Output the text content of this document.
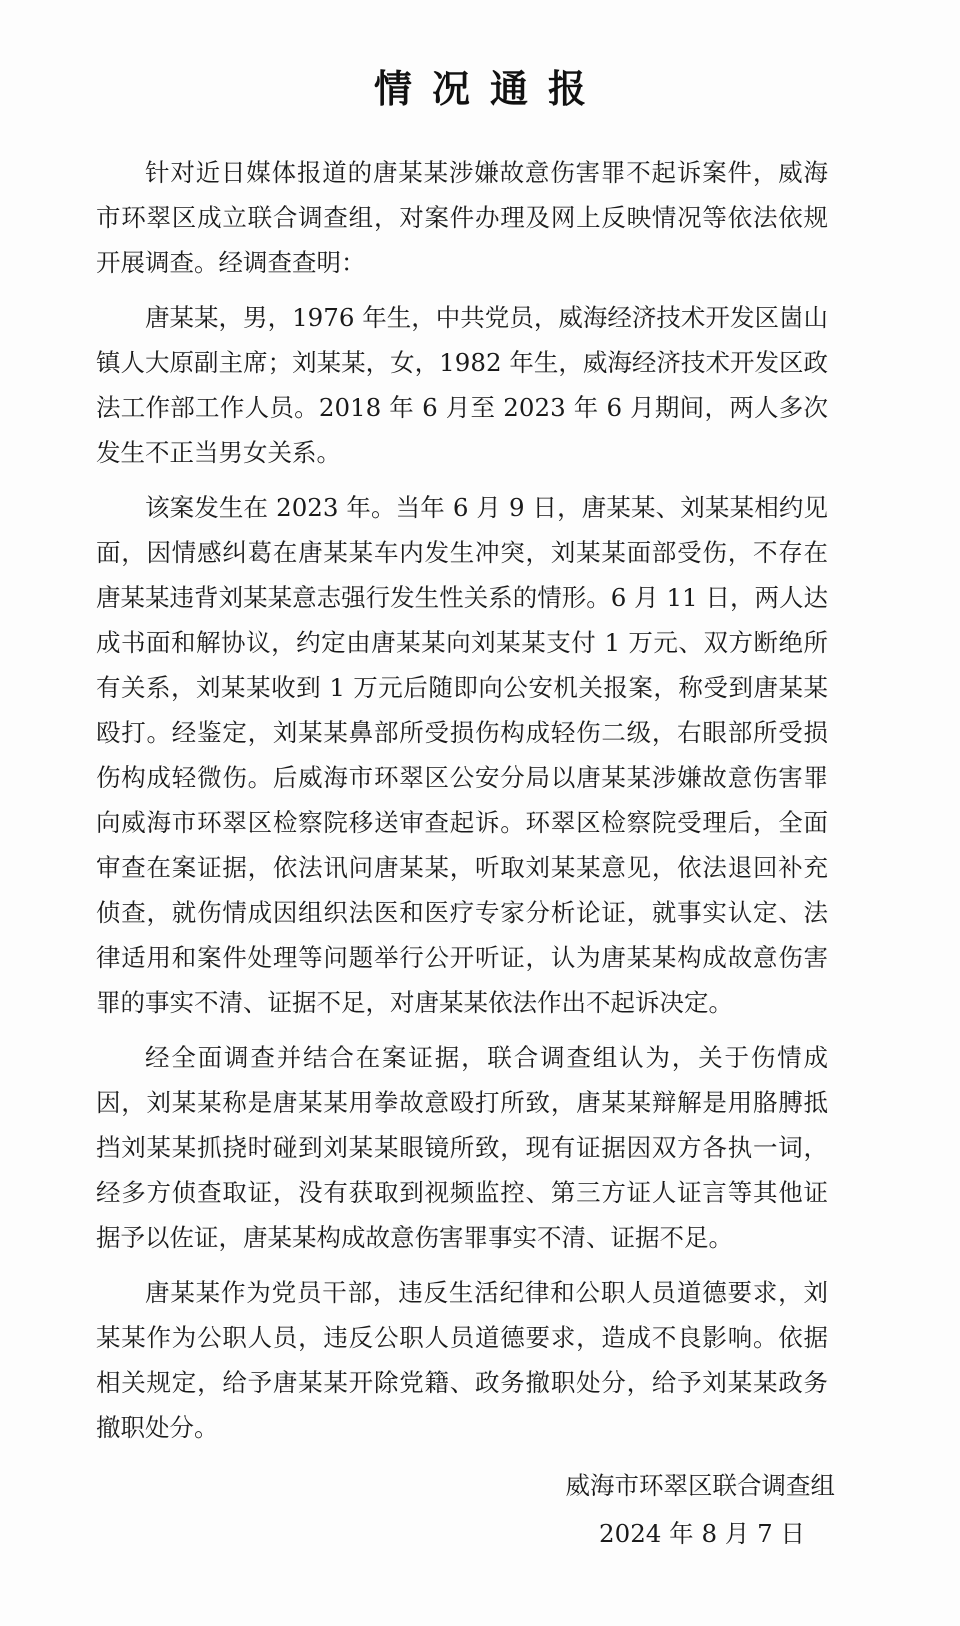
情况通报

针对近日媒体报道的唐某某涉嫌故意伤害罪不起诉案件，威海市环翠区成立联合调查组，对案件办理及网上反映情况等依法依规开展调查。经调查查明：

唐某某，男，1976 年生，中共党员，威海经济技术开发区崮山镇人大原副主席；刘某某，女，1982 年生，威海经济技术开发区政法工作部工作人员。2018 年 6 月至 2023 年 6 月期间，两人多次发生不正当男女关系。

该案发生在 2023 年。当年 6 月 9 日，唐某某、刘某某相约见面，因情感纠葛在唐某某车内发生冲突，刘某某面部受伤，不存在唐某某违背刘某某意志强行发生性关系的情形。6 月 11 日，两人达成书面和解协议，约定由唐某某向刘某某支付 1 万元、双方断绝所有关系，刘某某收到 1 万元后随即向公安机关报案，称受到唐某某殴打。经鉴定，刘某某鼻部所受损伤构成轻伤二级，右眼部所受损伤构成轻微伤。后威海市环翠区公安分局以唐某某涉嫌故意伤害罪向威海市环翠区检察院移送审查起诉。环翠区检察院受理后，全面审查在案证据，依法讯问唐某某，听取刘某某意见，依法退回补充侦查，就伤情成因组织法医和医疗专家分析论证，就事实认定、法律适用和案件处理等问题举行公开听证，认为唐某某构成故意伤害罪的事实不清、证据不足，对唐某某依法作出不起诉决定。

经全面调查并结合在案证据，联合调查组认为，关于伤情成因，刘某某称是唐某某用拳故意殴打所致，唐某某辩解是用胳膊抵挡刘某某抓挠时碰到刘某某眼镜所致，现有证据因双方各执一词，经多方侦查取证，没有获取到视频监控、第三方证人证言等其他证据予以佐证，唐某某构成故意伤害罪事实不清、证据不足。

唐某某作为党员干部，违反生活纪律和公职人员道德要求，刘某某作为公职人员，违反公职人员道德要求，造成不良影响。依据相关规定，给予唐某某开除党籍、政务撤职处分，给予刘某某政务撤职处分。

威海市环翠区联合调查组
2024 年 8 月 7 日
